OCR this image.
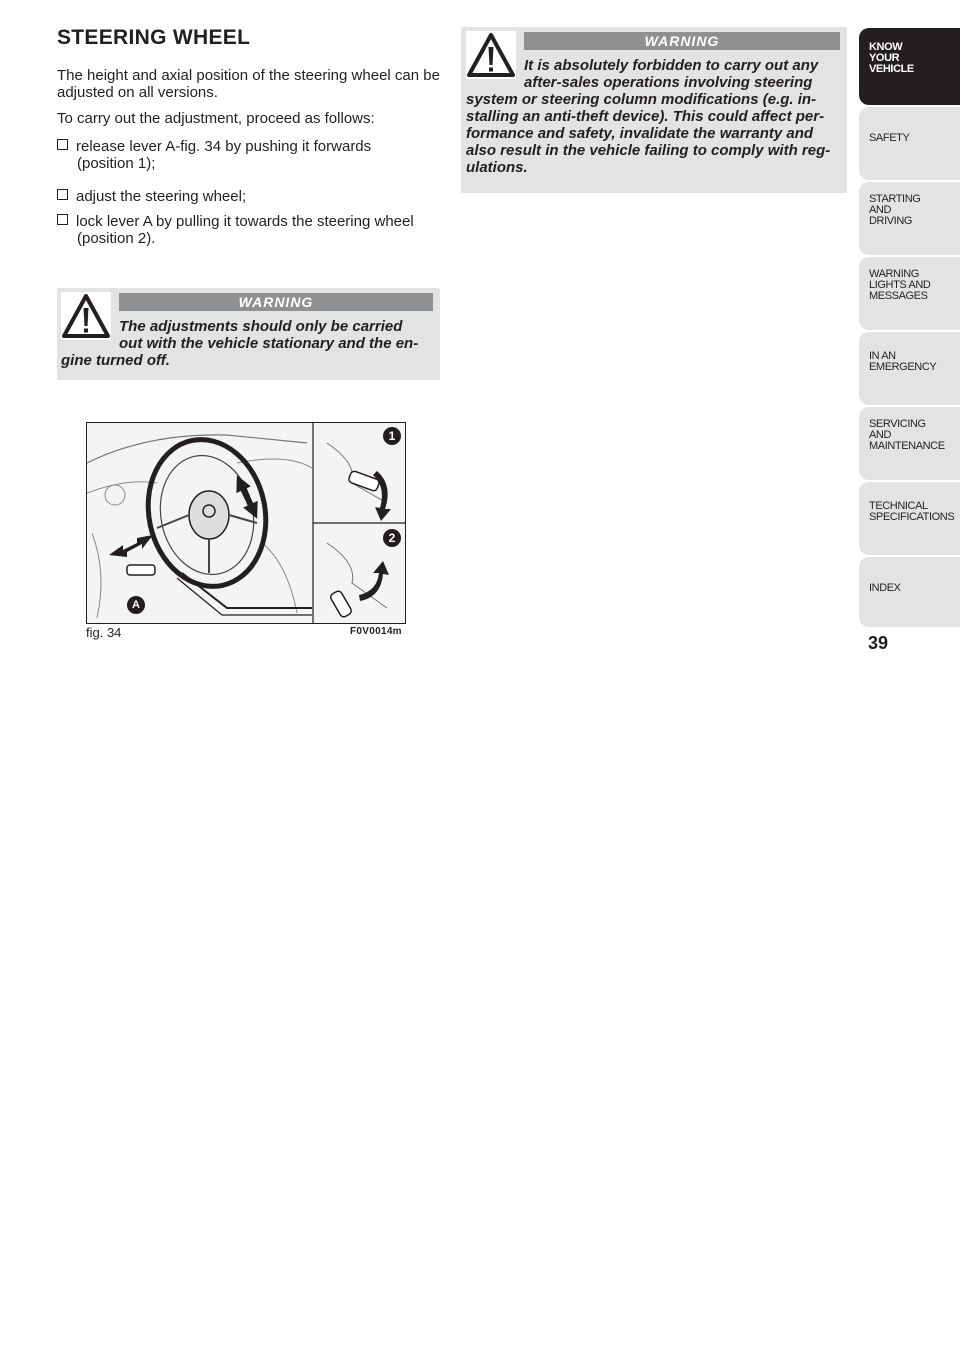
STEERING WHEEL

The height and axial position of the steering wheel can be adjusted on all versions.

To carry out the adjustment, proceed as follows:

release lever A-fig. 34 by pushing it forwards
(position 1);
adjust the steering wheel;
lock lever A by pulling it towards the steering wheel
(position 2).
WARNING
The adjustments should only be carried
out with the vehicle stationary and the en-
gine turned off.
WARNING
It is absolutely forbidden to carry out any
after-sales operations involving steering
system or steering column modifications (e.g. in-
stalling an anti-theft device). This could affect per-
formance and safety, invalidate the warranty and
also result in the vehicle failing to comply with reg-
ulations.
1
2
A
fig. 34	F0V0014m
KNOW
YOUR
VEHICLE
SAFETY
STARTING
AND
DRIVING
WARNING
LIGHTS AND
MESSAGES
IN AN
EMERGENCY
SERVICING
AND
MAINTENANCE
TECHNICAL
SPECIFICATIONS
INDEX
39
